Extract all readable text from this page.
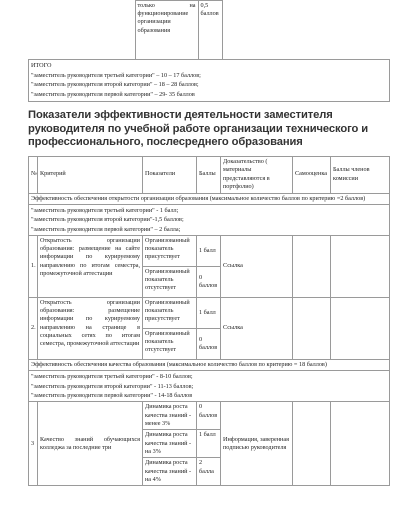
	только на функционирование организации образования	0,5 баллов	
ИТОГО
"заместитель руководителя третьей категории" – 10 – 17 баллов;
"заместитель руководителя второй категории" – 18 – 28 баллов;
"заместитель руководителя первой категории" – 29- 35 баллов
Показатели эффективности деятельности заместителя руководителя по учебной работе организации технического и профессионального, послесреднего образования
№	Критерий	Показатели	Баллы	Доказательство ( материалы представляются в портфолио)	Самооценка	Баллы членов комиссии
Эффективность обеспечения открытости организации образования (максимальное количество баллов по критерию =2 баллов)						

"заместитель руководителя третьей категории" - 1 балл;
"заместитель руководителя второй категории"-1,5 баллов;
"заместитель руководителя первой категории" – 2 балла;						

1.	Открытость организации образования: размещение на сайте информации по курируемому направлению по итогам семестра, промежуточной аттестации	Организованный показатель присутствует	1 балл	Ссылка		
		Организованный показатель отсутствует	0 баллов			
2.	Открытость организации образования: размещение информации по курируемому направлению на странице в социальных сетях по итогам семестра, промежуточной аттестации	Организованный показатель присутствует	1 балл	Ссылка		
		Организованный показатель отсутствует	0 баллов			
Эффективность обеспечения качества образования (максимальное количество баллов по критерию = 18 баллов)						

"заместитель руководителя третьей категории" - 8-10 баллов;
"заместитель руководителя второй категории" - 11-13 баллов;
"заместитель руководителя первой категории" - 14-18 баллов						

3	Качество знаний обучающихся колледжа за последние три	Динамика роста качества знаний - менее 3%	0 баллов	Информация, заверенная подписью руководителя		
		Динамика роста качества знаний - на 3%	1 балл			
		Динамика роста качества знаний - на 4%	2 балла			
